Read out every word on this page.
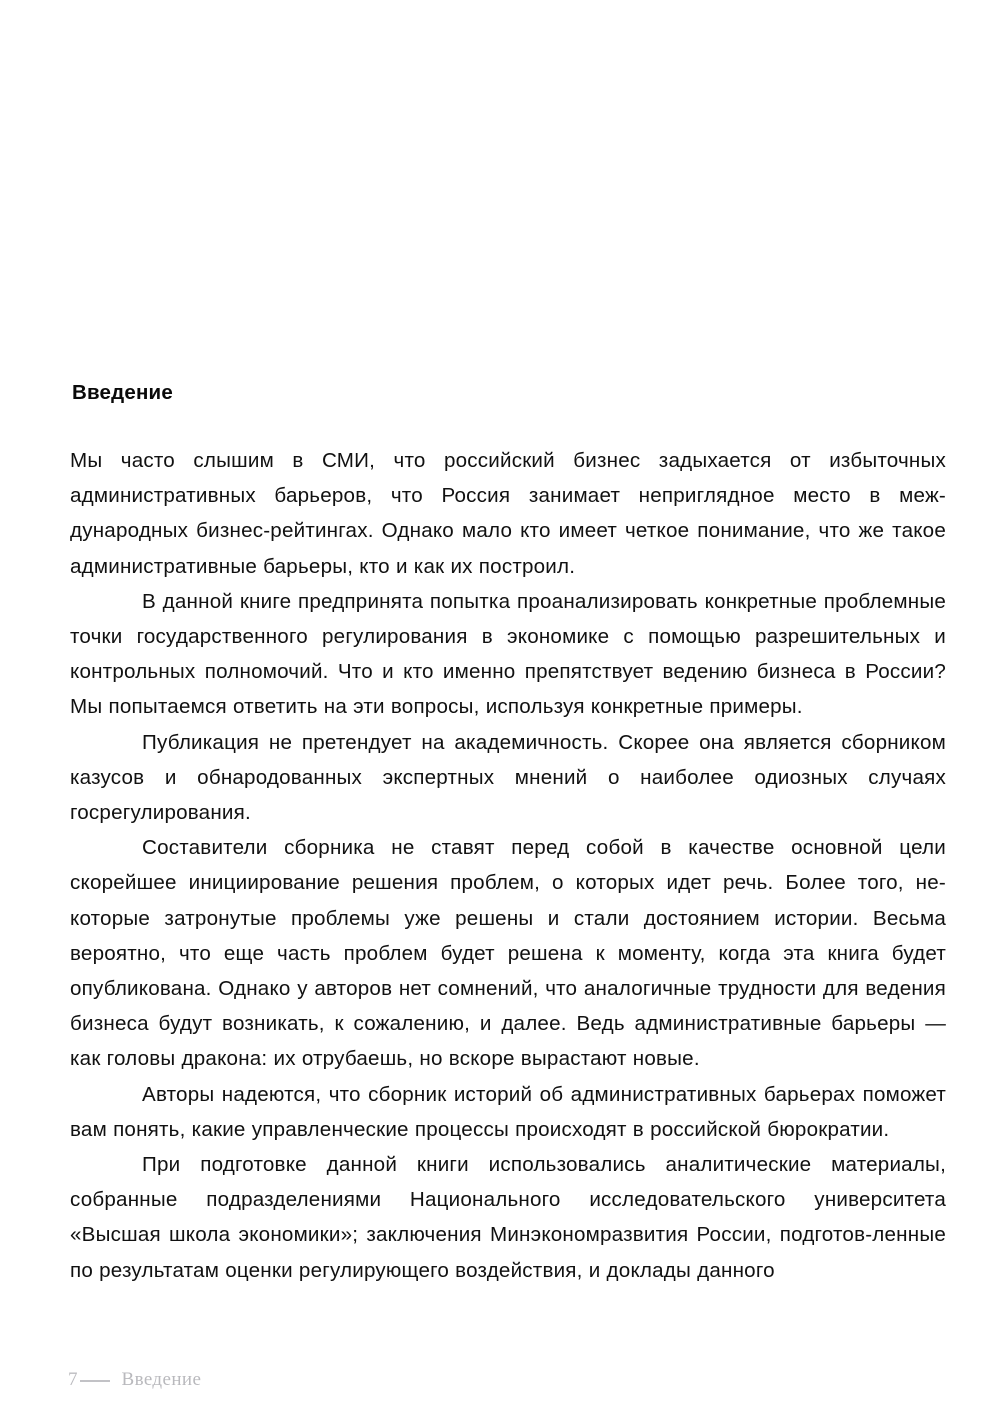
Введение

Мы часто слышим в СМИ, что российский бизнес задыхается от избыточных административных барьеров, что Россия занимает неприглядное место в меж-дународных бизнес-рейтингах. Однако мало кто имеет четкое понимание, что же такое административные барьеры, кто и как их построил.

В данной книге предпринята попытка проанализировать конкретные проблемные точки государственного регулирования в экономике с помощью разрешительных и контрольных полномочий. Что и кто именно препятствует ведению бизнеса в России? Мы попытаемся ответить на эти вопросы, используя конкретные примеры.

Публикация не претендует на академичность. Скорее она является сборником казусов и обнародованных экспертных мнений о наиболее одиозных случаях госрегулирования.

Составители сборника не ставят перед собой в качестве основной цели скорейшее инициирование решения проблем, о которых идет речь. Более того, не-которые затронутые проблемы уже решены и стали достоянием истории. Весьма вероятно, что еще часть проблем будет решена к моменту, когда эта книга будет опубликована. Однако у авторов нет сомнений, что аналогичные трудности для ведения бизнеса будут возникать, к сожалению, и далее. Ведь административные барьеры — как головы дракона: их отрубаешь, но вскоре вырастают новые.

Авторы надеются, что сборник историй об административных барьерах поможет вам понять, какие управленческие процессы происходят в российской бюрократии.

При подготовке данной книги использовались аналитические материалы, собранные подразделениями Национального исследовательского университета «Высшая школа экономики»; заключения Минэкономразвития России, подготов-ленные по результатам оценки регулирующего воздействия, и доклады данного

7 Введение
